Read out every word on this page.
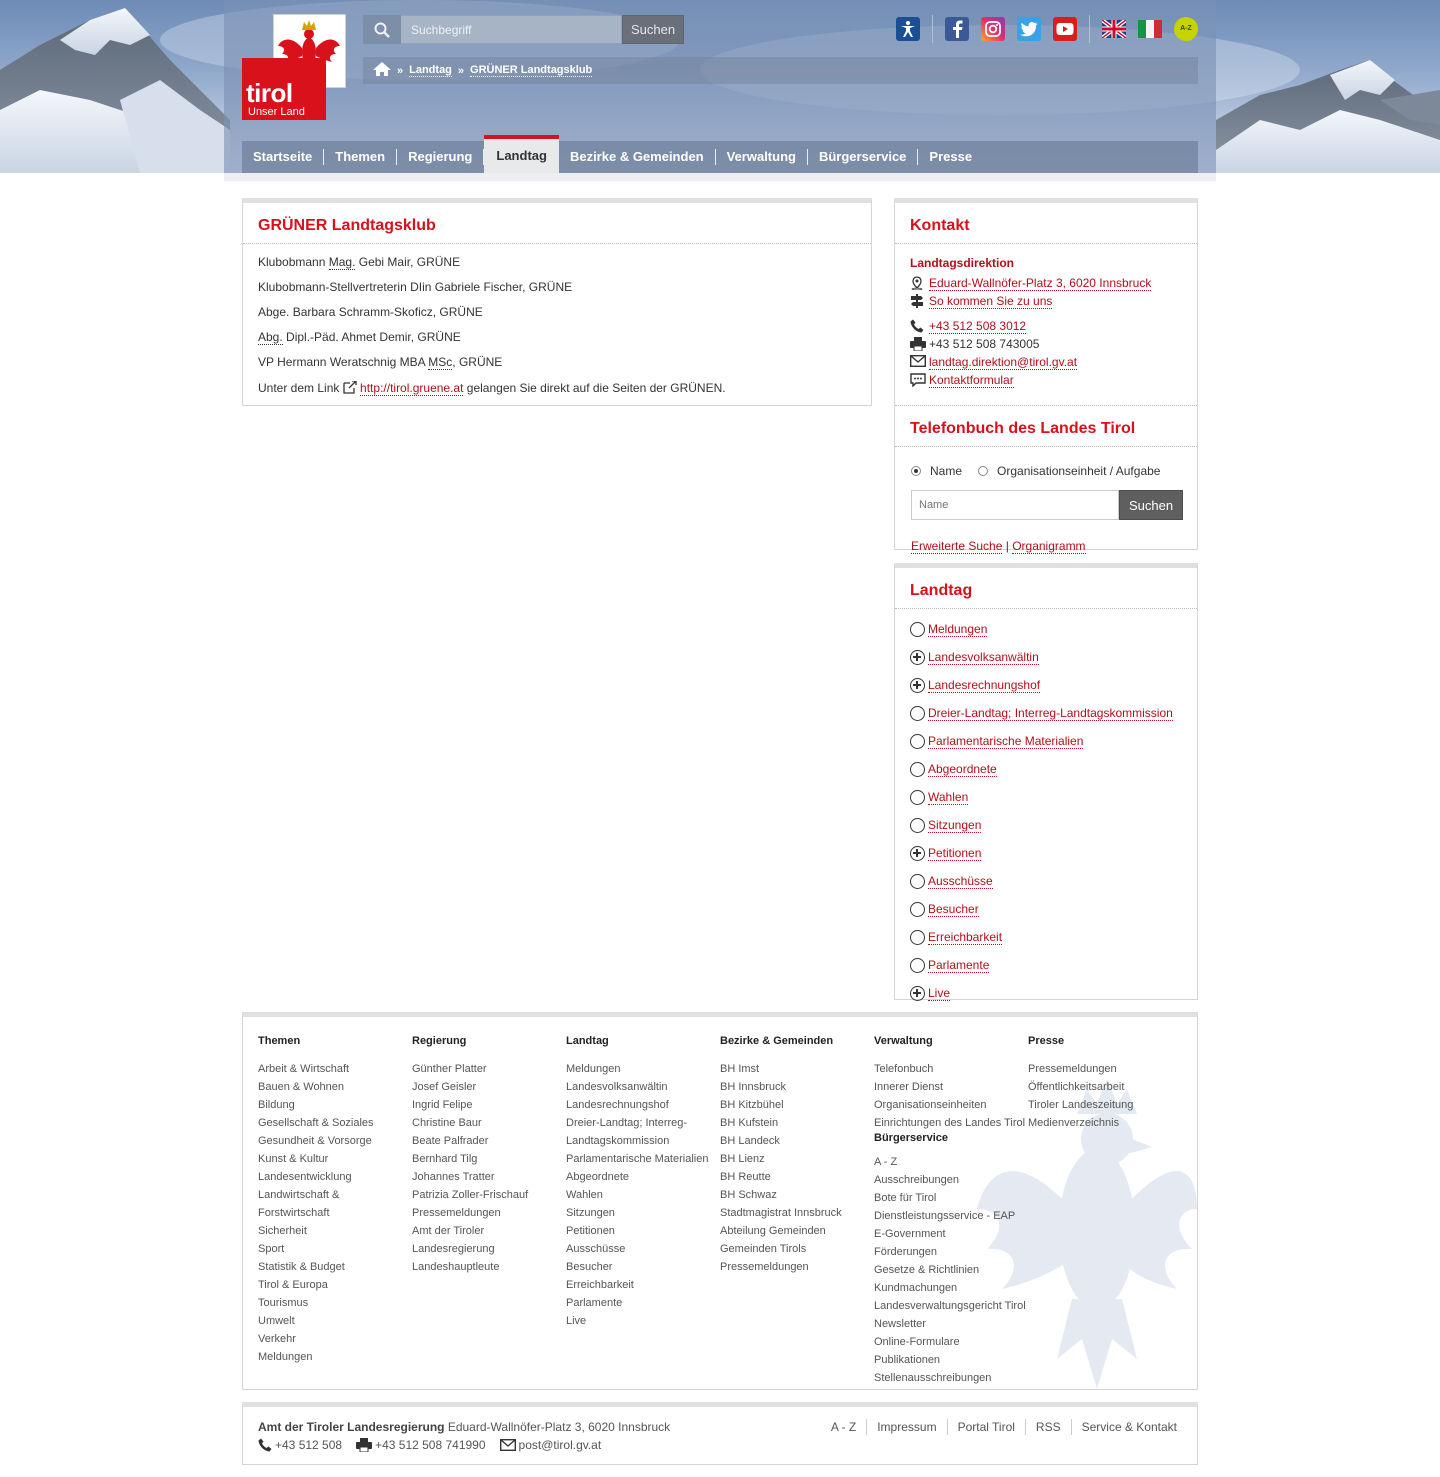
tirol
Unser Land
Suchbegriff
Suchen
» Landtag » GRÜNER Landtagsklub
A-Z
Startseite	Themen	Regierung	Landtag	Bezirke & Gemeinden	Verwaltung	Bürgerservice	Presse
GRÜNER Landtagsklub

Klubobmann Mag. Gebi Mair, GRÜNE

Klubobmann-Stellvertreterin DIin Gabriele Fischer, GRÜNE

Abge. Barbara Schramm-Skoficz, GRÜNE

Abg. Dipl.-Päd. Ahmet Demir, GRÜNE

VP Hermann Weratschnig MBA MSc, GRÜNE

Unter dem Link  http://tirol.gruene.at gelangen Sie direkt auf die Seiten der GRÜNEN.

Kontakt
Landtagsdirektion
Eduard-Wallnöfer-Platz 3, 6020 Innsbruck
So kommen Sie zu uns
+43 512 508 3012
+43 512 508 743005
landtag.direktion@tirol.gv.at
Kontaktformular
Telefonbuch des Landes Tirol
Name	Organisationseinheit / Aufgabe
Name
Suchen
Erweiterte Suche | Organigramm
Landtag
Meldungen
Landesvolksanwältin
Landesrechnungshof
Dreier-Landtag; Interreg-Landtagskommission
Parlamentarische Materialien
Abgeordnete
Wahlen
Sitzungen
Petitionen
Ausschüsse
Besucher
Erreichbarkeit
Parlamente
Live
Themen
Arbeit & Wirtschaft
Bauen & Wohnen
Bildung
Gesellschaft & Soziales
Gesundheit & Vorsorge
Kunst & Kultur
Landesentwicklung
Landwirtschaft & Forstwirtschaft
Sicherheit
Sport
Statistik & Budget
Tirol & Europa
Tourismus
Umwelt
Verkehr
Meldungen
Regierung
Günther Platter
Josef Geisler
Ingrid Felipe
Christine Baur
Beate Palfrader
Bernhard Tilg
Johannes Tratter
Patrizia Zoller-Frischauf
Pressemeldungen
Amt der Tiroler
Landesregierung
Landeshauptleute
Landtag
Meldungen
Landesvolksanwältin
Landesrechnungshof
Dreier-Landtag; Interreg-Landtagskommission
Parlamentarische Materialien
Abgeordnete
Wahlen
Sitzungen
Petitionen
Ausschüsse
Besucher
Erreichbarkeit
Parlamente
Live
Bezirke & Gemeinden
BH Imst
BH Innsbruck
BH Kitzbühel
BH Kufstein
BH Landeck
BH Lienz
BH Reutte
BH Schwaz
Stadtmagistrat Innsbruck
Abteilung Gemeinden
Gemeinden Tirols
Pressemeldungen
Verwaltung
Telefonbuch
Innerer Dienst
Organisationseinheiten
Einrichtungen des Landes Tirol
Bürgerservice
A - Z
Ausschreibungen
Bote für Tirol
Dienstleistungsservice - EAP
E-Government
Förderungen
Gesetze & Richtlinien
Kundmachungen
Landesverwaltungsgericht Tirol
Newsletter
Online-Formulare
Publikationen
Stellenausschreibungen
Presse
Pressemeldungen
Öffentlichkeitsarbeit
Tiroler Landeszeitung
Medienverzeichnis
Amt der Tiroler Landesregierung Eduard-Wallnöfer-Platz 3, 6020 Innsbruck
+43 512 508	+43 512 508 741990	post@tirol.gv.at
A - Z	Impressum	Portal Tirol	RSS	Service & Kontakt
